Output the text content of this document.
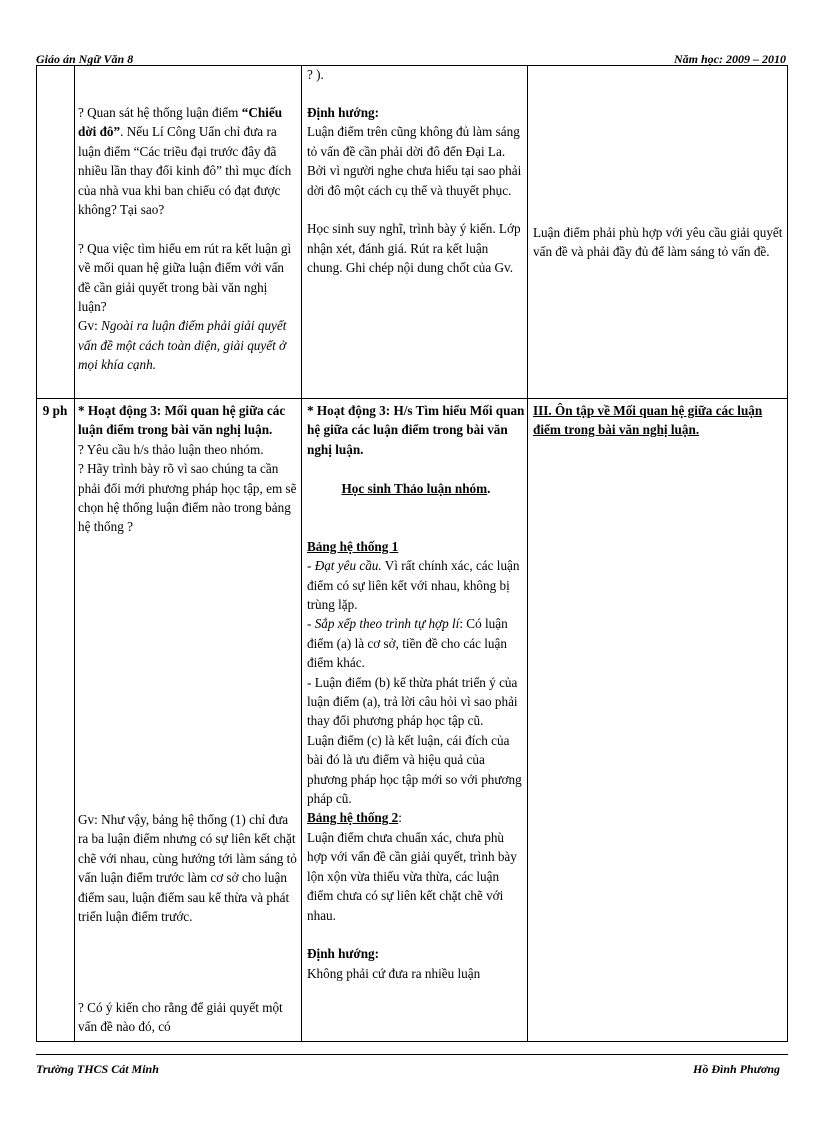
Giáo án Ngữ Văn 8	Năm học: 2009 – 2010
? ).

? Quan sát hệ thống luận điểm “Chiếu dời đô”. Nếu Lí Công Uẩn chỉ đưa ra luận điểm “Các triều đại trước đây đã nhiều lần thay đổi kinh đô” thì mục đích của nhà vua khi ban chiếu có đạt được không? Tại sao?

? Qua việc tìm hiểu em rút ra kết luận gì về mối quan hệ giữa luận điểm với vấn đề cần giải quyết trong bài văn nghị luận?

Gv: Ngoài ra luận điểm phải giải quyết vấn đề một cách toàn diện, giải quyết ở mọi khía cạnh.

Định hướng:

Luận điểm trên cũng không đủ làm sáng tỏ vấn đề cần phải dời đô đến Đại La. Bởi vì người nghe chưa hiểu tại sao phải dời đô một cách cụ thể và thuyết phục.

Học sinh suy nghĩ, trình bày ý kiến. Lớp nhận xét, đánh giá. Rút ra kết luận chung. Ghi chép nội dung chốt của Gv.

Luận điểm phải phù hợp với yêu cầu giải quyết vấn đề và phải đầy đủ để làm sáng tỏ vấn đề.

9 ph * Hoạt động 3: Mối quan hệ giữa các luận điểm trong bài văn nghị luận.

? Yêu cầu h/s thảo luận theo nhóm.

? Hãy trình bày rõ vì sao chúng ta cần phải đổi mới phương pháp học tập, em sẽ chọn hệ thống luận điểm nào trong bảng hệ thống ?

Gv: Như vậy, bảng hệ thống (1) chỉ đưa ra ba luận điểm nhưng có sự liên kết chặt chẽ với nhau, cùng hướng tới làm sáng tỏ vấn luận điểm trước làm cơ sở cho luận điểm sau, luận điểm sau kế thừa và phát triển luận điểm trước.

? Có ý kiến cho rằng để giải quyết một vấn đề nào đó, có

* Hoạt động 3: H/s Tìm hiểu Mối quan hệ giữa các luận điểm trong bài văn nghị luận.

Học sinh Thảo luận nhóm.

Bảng hệ thống 1

- Đạt yêu cầu. Vì rất chính xác, các luận điểm có sự liên kết với nhau, không bị trùng lặp.

- Sắp xếp theo trình tự hợp lí: Có luận điểm (a) là cơ sở, tiền đề cho các luận điểm khác.

- Luận điểm (b) kế thừa phát triển ý của luận điểm (a), trả lời câu hỏi vì sao phải thay đổi phương pháp học tập cũ.

Luận điểm (c) là kết luận, cái đích của bài đó là ưu điểm và hiệu quả của phương pháp học tập mới so với phương pháp cũ.

Bảng hệ thống 2:

Luận điểm chưa chuẩn xác, chưa phù hợp với vấn đề cần giải quyết, trình bày lộn xộn vừa thiếu vừa thừa, các luận điểm chưa có sự liên kết chặt chẽ với nhau.

Định hướng:

Không phải cứ đưa ra nhiều luận

III. Ôn tập về Mối quan hệ giữa các luận điểm trong bài văn nghị luận.

Trường THCS Cát Minh	Hồ Đình Phương
